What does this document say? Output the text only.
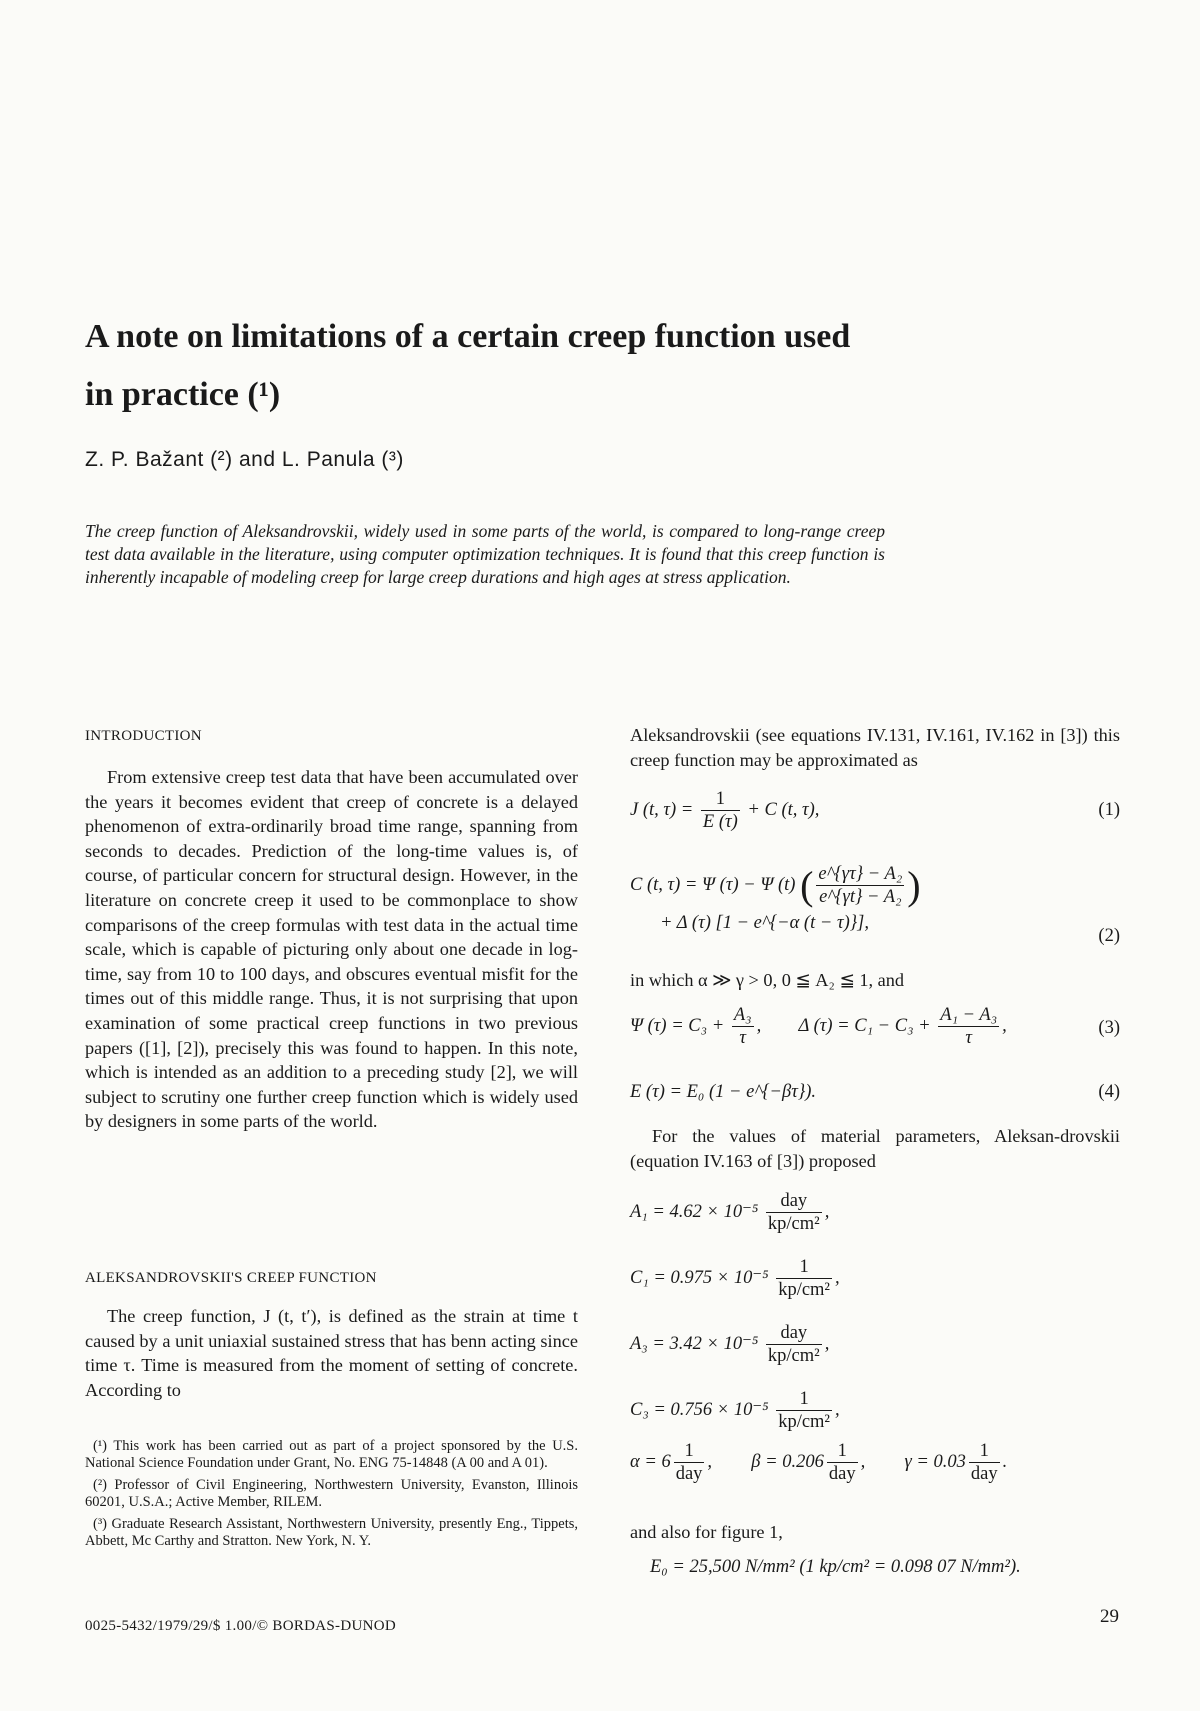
A note on limitations of a certain creep function used in practice (¹)
Z. P. Bažant (²) and L. Panula (³)
The creep function of Aleksandrovskii, widely used in some parts of the world, is compared to long-range creep test data available in the literature, using computer optimization techniques. It is found that this creep function is inherently incapable of modeling creep for large creep durations and high ages at stress application.
INTRODUCTION

From extensive creep test data that have been accumulated over the years it becomes evident that creep of concrete is a delayed phenomenon of extra-ordinarily broad time range, spanning from seconds to decades. Prediction of the long-time values is, of course, of particular concern for structural design. However, in the literature on concrete creep it used to be commonplace to show comparisons of the creep formulas with test data in the actual time scale, which is capable of picturing only about one decade in log-time, say from 10 to 100 days, and obscures eventual misfit for the times out of this middle range. Thus, it is not surprising that upon examination of some practical creep functions in two previous papers ([1], [2]), precisely this was found to happen. In this note, which is intended as an addition to a preceding study [2], we will subject to scrutiny one further creep function which is widely used by designers in some parts of the world.

ALEKSANDROVSKII'S CREEP FUNCTION

The creep function, J (t, t′), is defined as the strain at time t caused by a unit uniaxial sustained stress that has benn acting since time τ. Time is measured from the moment of setting of concrete. According to

(¹) This work has been carried out as part of a project sponsored by the U.S. National Science Foundation under Grant, No. ENG 75-14848 (A 00 and A 01).

(²) Professor of Civil Engineering, Northwestern University, Evanston, Illinois 60201, U.S.A.; Active Member, RILEM.

(³) Graduate Research Assistant, Northwestern University, presently Eng., Tippets, Abbett, Mc Carthy and Stratton. New York, N. Y.

Aleksandrovskii (see equations IV.131, IV.161, IV.162 in [3]) this creep function may be approximated as

J (t, $\tau) = \frac{1}{E (\tau)} + C$ (t, τ),	(1)
C (t, τ) = Ψ (τ) − Ψ (t) ( $\frac{\text{e\textasciicircum{}\{γτ\} − A₂}}{\text{e\textasciicircum{}\{γt\} − A₂}}$ )
+ Δ (τ) [1 − e^{−α (t − τ)}],
(2)
in which α ≫ γ > 0, 0 ≦ A₂ ≦ 1, and
Ψ $(\tau) = C_3 + \frac{\text{A₃}}{\tau}$ ,  Δ $(\tau) = C_1 - C_3 + \frac{\text{A₁ − A₃}}{\tau}$ ,	(3)
E (τ) = E₀ (1 − e^{−βτ}).	(4)

For the values of material parameters, Aleksan-drovskii (equation IV.163 of [3]) proposed

$A_1 = 4.62 \times 10^{-5} \frac{\text{day}}{\text{kp/cm²}}$ ,
$C_1 = 0.975 \times 10^{-5} \frac{1}{\text{kp/cm²}}$ ,
$A_3 = 3.42 \times 10^{-5} \frac{\text{day}}{\text{kp/cm²}}$ ,
$C_3 = 0.756 \times 10^{-5} \frac{1}{\text{kp/cm²}}$ ,
$\alpha = 6 \frac{1}{\text{day}}$ ,  $\beta = 0.206 \frac{1}{\text{day}}$ ,  $\gamma = 0.03 \frac{1}{\text{day}}$ .
and also for figure 1,
E₀ = 25,500 N/mm² (1 kp/cm² = 0.098 07 N/mm²).
0025-5432/1979/29/$ 1.00/© BORDAS-DUNOD	29
